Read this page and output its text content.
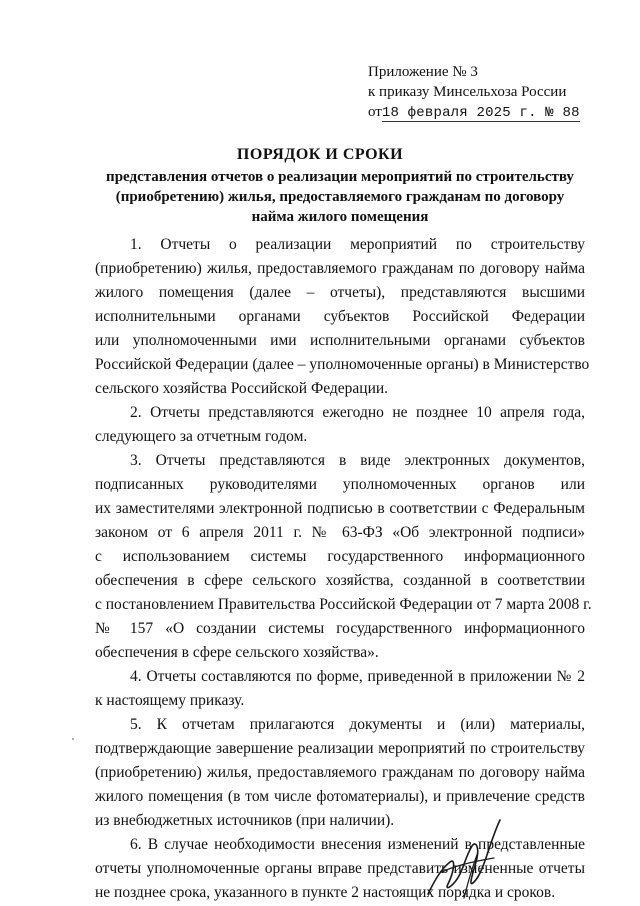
Приложение № 3
к приказу Минсельхоза России
от18 февраля 2025 г. № 88
ПОРЯДОК И СРОКИ
представления отчетов о реализации мероприятий по строительству
(приобретению) жилья, предоставляемого гражданам по договору
найма жилого помещения
1. Отчеты о реализации мероприятий по строительству
(приобретению) жилья, предоставляемого гражданам по договору найма
жилого помещения (далее – отчеты), представляются высшими
исполнительными органами субъектов Российской Федерации
или уполномоченными ими исполнительными органами субъектов
Российской Федерации (далее – уполномоченные органы) в Министерство
сельского хозяйства Российской Федерации.
2. Отчеты представляются ежегодно не позднее 10 апреля года,
следующего за отчетным годом.
3. Отчеты представляются в виде электронных документов,
подписанных руководителями уполномоченных органов или
их заместителями электронной подписью в соответствии с Федеральным
законом от 6 апреля 2011 г. № 63-ФЗ «Об электронной подписи»
с использованием системы государственного информационного
обеспечения в сфере сельского хозяйства, созданной в соответствии
с постановлением Правительства Российской Федерации от 7 марта 2008 г.
№ 157 «О создании системы государственного информационного
обеспечения в сфере сельского хозяйства».
4. Отчеты составляются по форме, приведенной в приложении № 2
к настоящему приказу.
5. К отчетам прилагаются документы и (или) материалы,
подтверждающие завершение реализации мероприятий по строительству
(приобретению) жилья, предоставляемого гражданам по договору найма
жилого помещения (в том числе фотоматериалы), и привлечение средств
из внебюджетных источников (при наличии).
6. В случае необходимости внесения изменений в представленные
отчеты уполномоченные органы вправе представить измененные отчеты
не позднее срока, указанного в пункте 2 настоящих порядка и сроков.
